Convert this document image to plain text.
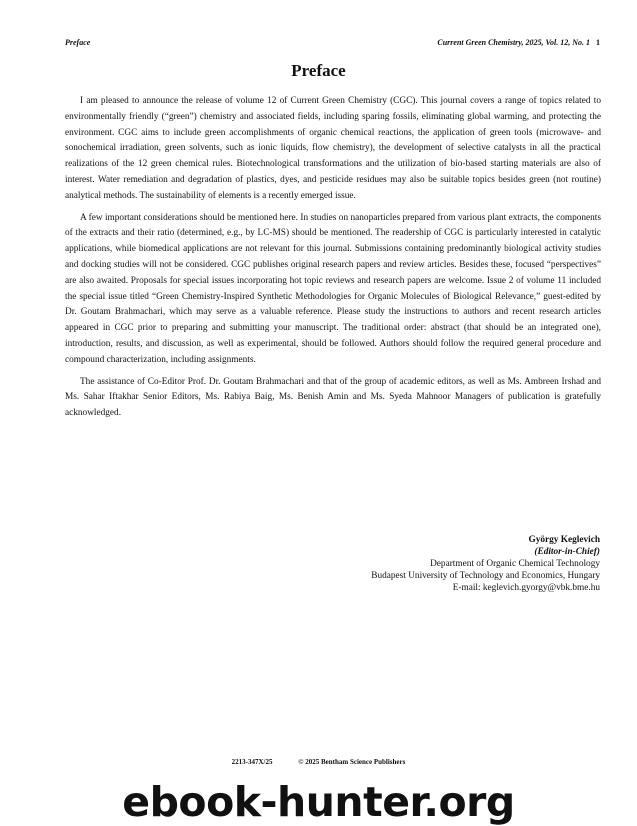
Preface	Current Green Chemistry, 2025, Vol. 12, No. 1 1
Preface

I am pleased to announce the release of volume 12 of Current Green Chemistry (CGC). This journal covers a range of topics related to environmentally friendly (“green”) chemistry and associated fields, including sparing fossils, eliminating global warming, and protecting the environment. CGC aims to include green accomplishments of organic chemical reactions, the application of green tools (microwave- and sonochemical irradiation, green solvents, such as ionic liquids, flow chemistry), the development of selective catalysts in all the practical realizations of the 12 green chemical rules. Biotechnological transformations and the utilization of bio-based starting materials are also of interest. Water remediation and degradation of plastics, dyes, and pesticide residues may also be suitable topics besides green (not routine) analytical methods. The sustainability of elements is a recently emerged issue.

A few important considerations should be mentioned here. In studies on nanoparticles prepared from various plant extracts, the components of the extracts and their ratio (determined, e.g., by LC-MS) should be mentioned. The readership of CGC is particularly interested in catalytic applications, while biomedical applications are not relevant for this journal. Submissions containing predominantly biological activity studies and docking studies will not be considered. CGC publishes original research papers and review articles. Besides these, focused “perspectives” are also awaited. Proposals for special issues incorporating hot topic reviews and research papers are welcome. Issue 2 of volume 11 included the special issue titled “Green Chemistry-Inspired Synthetic Methodologies for Organic Molecules of Biological Relevance,” guest-edited by Dr. Goutam Brahmachari, which may serve as a valuable reference. Please study the instructions to authors and recent research articles appeared in CGC prior to preparing and submitting your manuscript. The traditional order: abstract (that should be an integrated one), introduction, results, and discussion, as well as experimental, should be followed. Authors should follow the required general procedure and compound characterization, including assignments.

The assistance of Co-Editor Prof. Dr. Goutam Brahmachari and that of the group of academic editors, as well as Ms. Ambreen Irshad and Ms. Sahar Iftakhar Senior Editors, Ms. Rabiya Baig, Ms. Benish Amin and Ms. Syeda Mahnoor Managers of publication is gratefully acknowledged.

György Keglevich
(Editor-in-Chief)
Department of Organic Chemical Technology
Budapest University of Technology and Economics, Hungary
E-mail: keglevich.gyorgy@vbk.bme.hu
2213-347X/25	© 2025 Bentham Science Publishers
ebook-hunter.org
